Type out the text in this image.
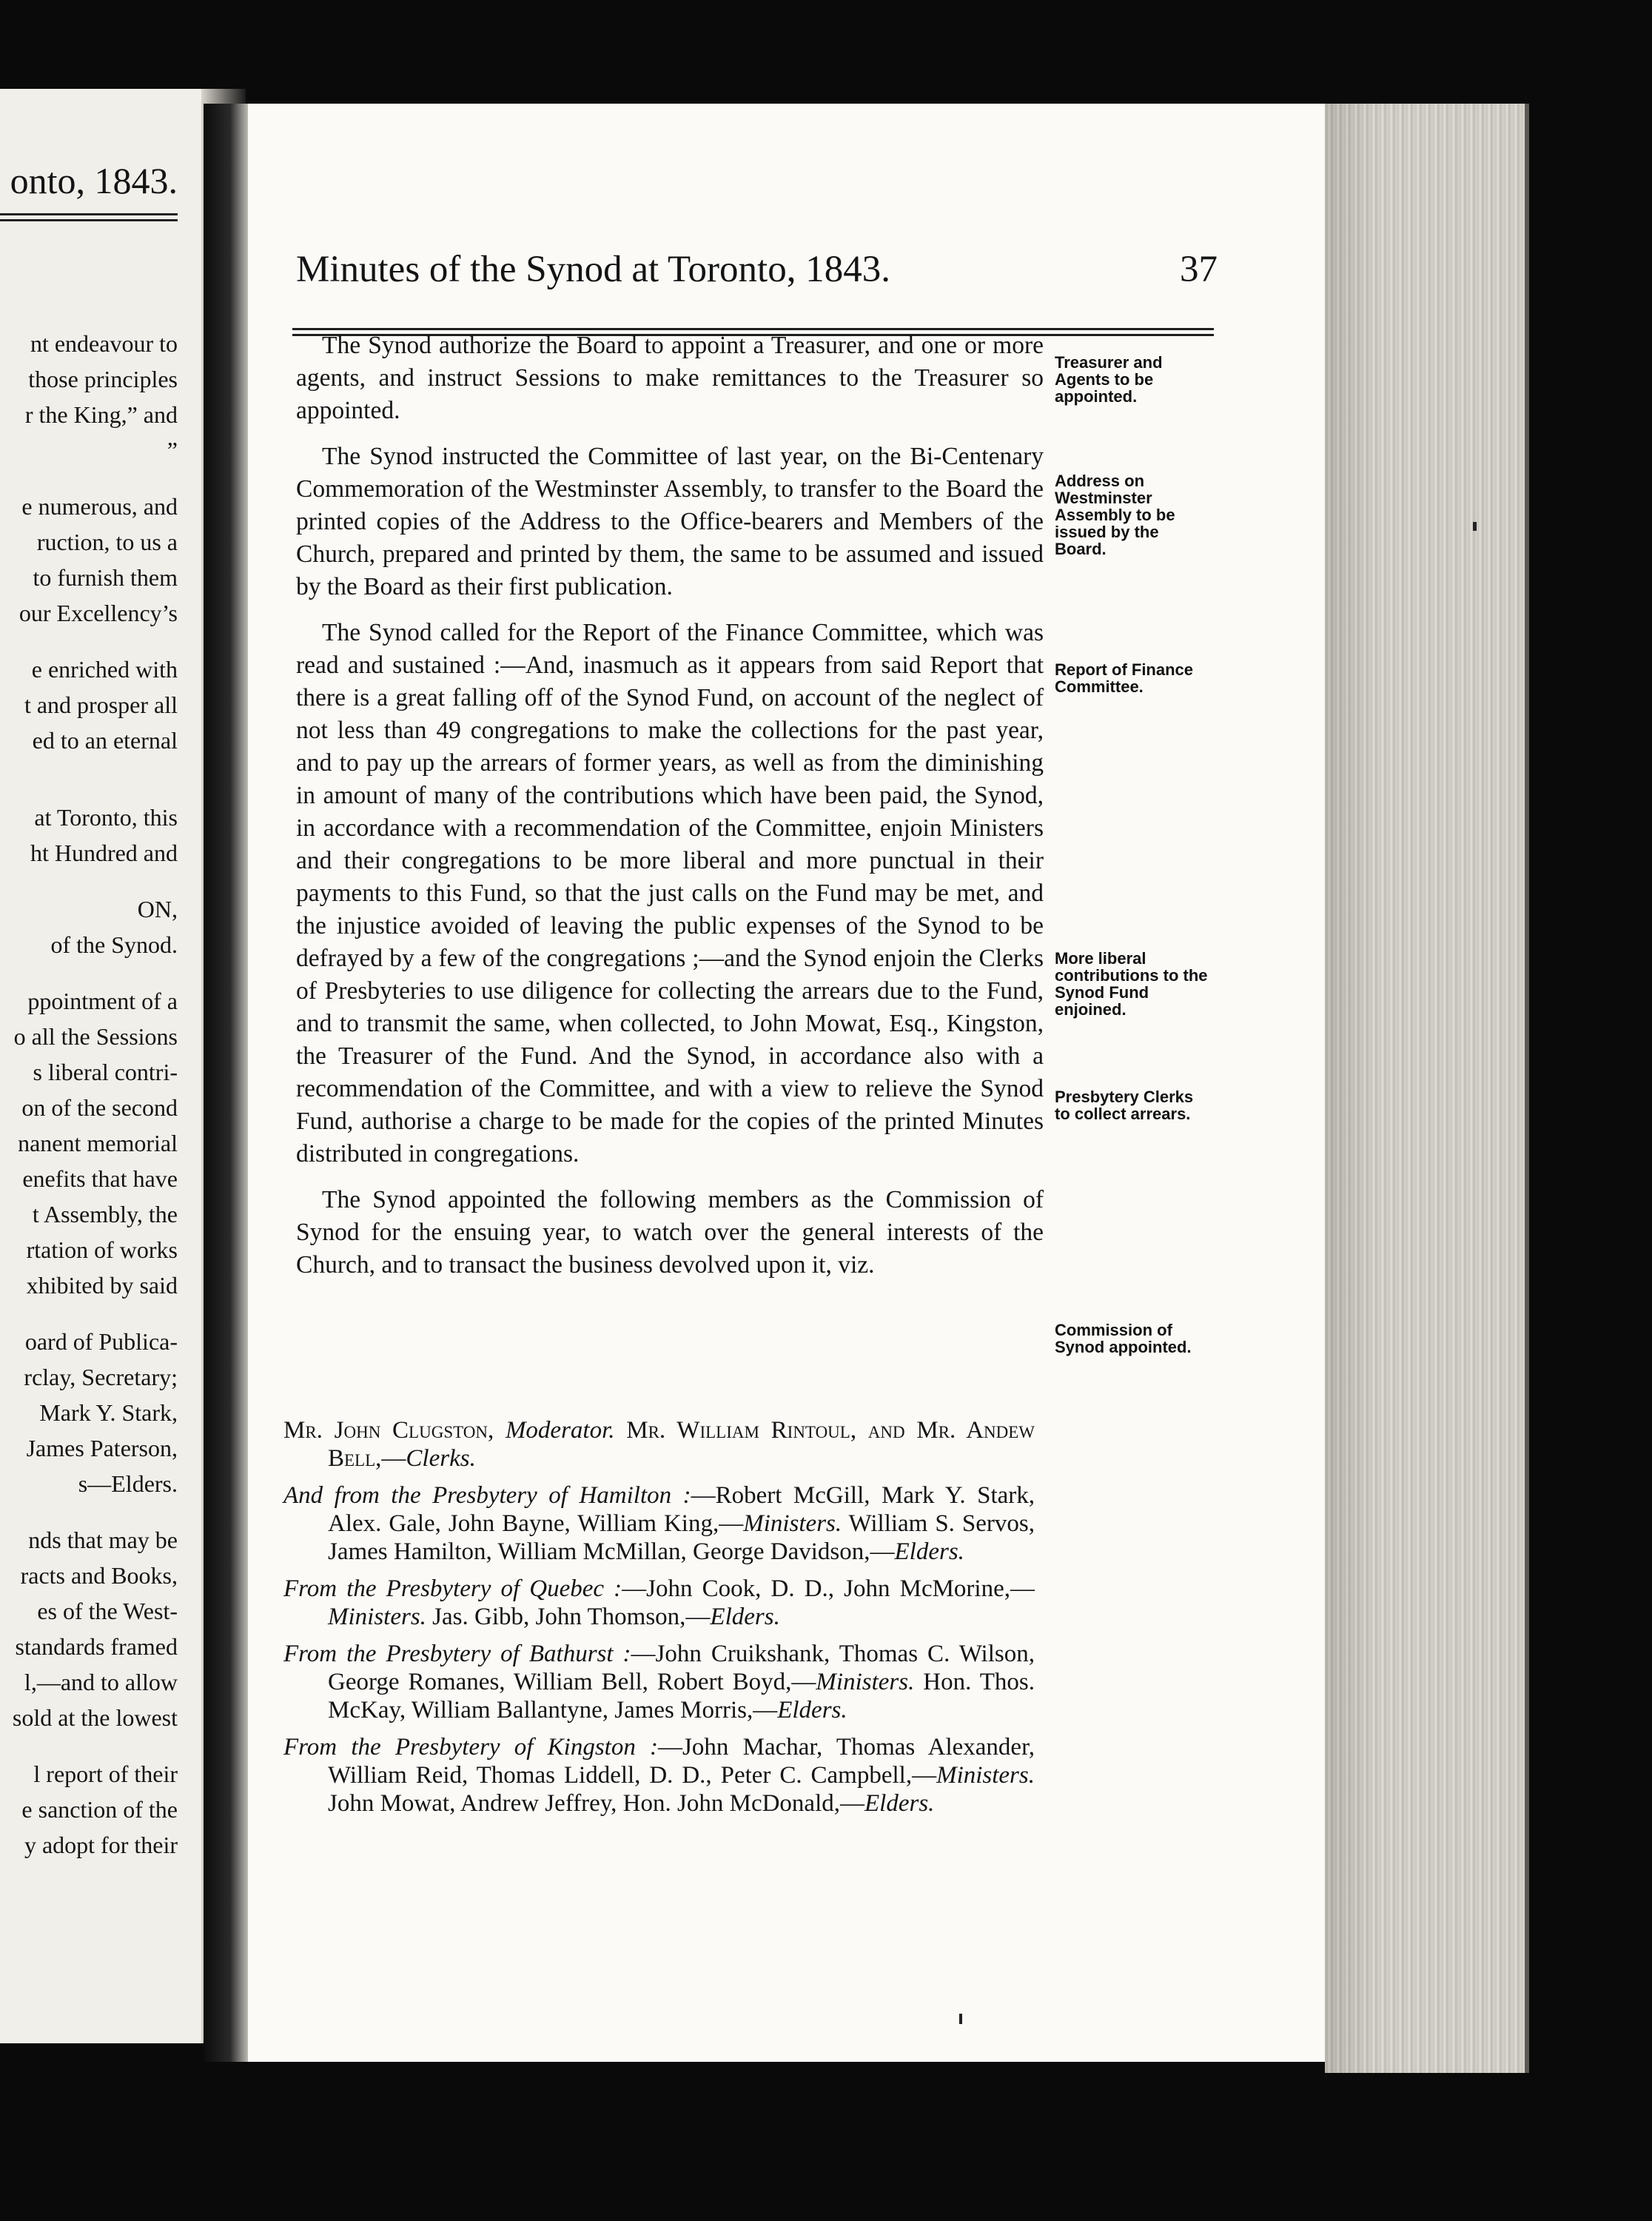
onto, 1843.
nt endeavour to
those principles
r the King,” and
”
e numerous, and
ruction, to us a
to furnish them
our Excellency’s
e enriched with
t and prosper all
ed to an eternal
at Toronto, this
ht Hundred and
ON,
of the Synod.
ppointment of a
o all the Sessions
s liberal contri-
on of the second
nanent memorial
enefits that have
t Assembly, the
rtation of works
xhibited by said
oard of Publica-
rclay, Secretary;
Mark Y. Stark,
James Paterson,
s—Elders.
nds that may be
racts and Books,
es of the West-
standards framed
l,—and to allow
sold at the lowest
l report of their
e sanction of the
y adopt for their
Minutes of the Synod at Toronto, 1843.	37

The Synod authorize the Board to appoint a Treasurer, and one or more agents, and instruct Sessions to make remittances to the Treasurer so appointed.

The Synod instructed the Committee of last year, on the Bi-Centenary Commemoration of the Westminster Assembly, to transfer to the Board the printed copies of the Address to the Office-bearers and Members of the Church, prepared and printed by them, the same to be assumed and issued by the Board as their first publication.

The Synod called for the Report of the Finance Committee, which was read and sustained :—And, inasmuch as it appears from said Report that there is a great falling off of the Synod Fund, on account of the neglect of not less than 49 congregations to make the collections for the past year, and to pay up the arrears of former years, as well as from the diminishing in amount of many of the contributions which have been paid, the Synod, in accordance with a recommendation of the Committee, enjoin Ministers and their congregations to be more liberal and more punctual in their payments to this Fund, so that the just calls on the Fund may be met, and the injustice avoided of leaving the public expenses of the Synod to be defrayed by a few of the congregations ;—and the Synod enjoin the Clerks of Presbyteries to use diligence for collecting the arrears due to the Fund, and to transmit the same, when collected, to John Mowat, Esq., Kingston, the Treasurer of the Fund. And the Synod, in accordance also with a recommendation of the Committee, and with a view to relieve the Synod Fund, authorise a charge to be made for the copies of the printed Minutes distributed in congregations.

The Synod appointed the following members as the Commission of Synod for the ensuing year, to watch over the general interests of the Church, and to transact the business devolved upon it, viz.

Treasurer and Agents to be appointed.
Address on Westminster Assembly to be issued by the Board.
Report of Finance Committee.
More liberal contributions to the Synod Fund enjoined.
Presbytery Clerks to collect arrears.
Commission of Synod appointed.
Mr. John Clugston, Moderator. Mr. William Rintoul, and Mr. Andew Bell,—Clerks.
And from the Presbytery of Hamilton :—Robert McGill, Mark Y. Stark, Alex. Gale, John Bayne, William King,—Ministers. William S. Servos, James Hamilton, William McMillan, George Davidson,—Elders.
From the Presbytery of Quebec :—John Cook, D. D., John McMorine,—Ministers. Jas. Gibb, John Thomson,—Elders.
From the Presbytery of Bathurst :—John Cruikshank, Thomas C. Wilson, George Romanes, William Bell, Robert Boyd,—Ministers. Hon. Thos. McKay, William Ballantyne, James Morris,—Elders.
From the Presbytery of Kingston :—John Machar, Thomas Alexander, William Reid, Thomas Liddell, D. D., Peter C. Campbell,—Ministers. John Mowat, Andrew Jeffrey, Hon. John McDonald,—Elders.
